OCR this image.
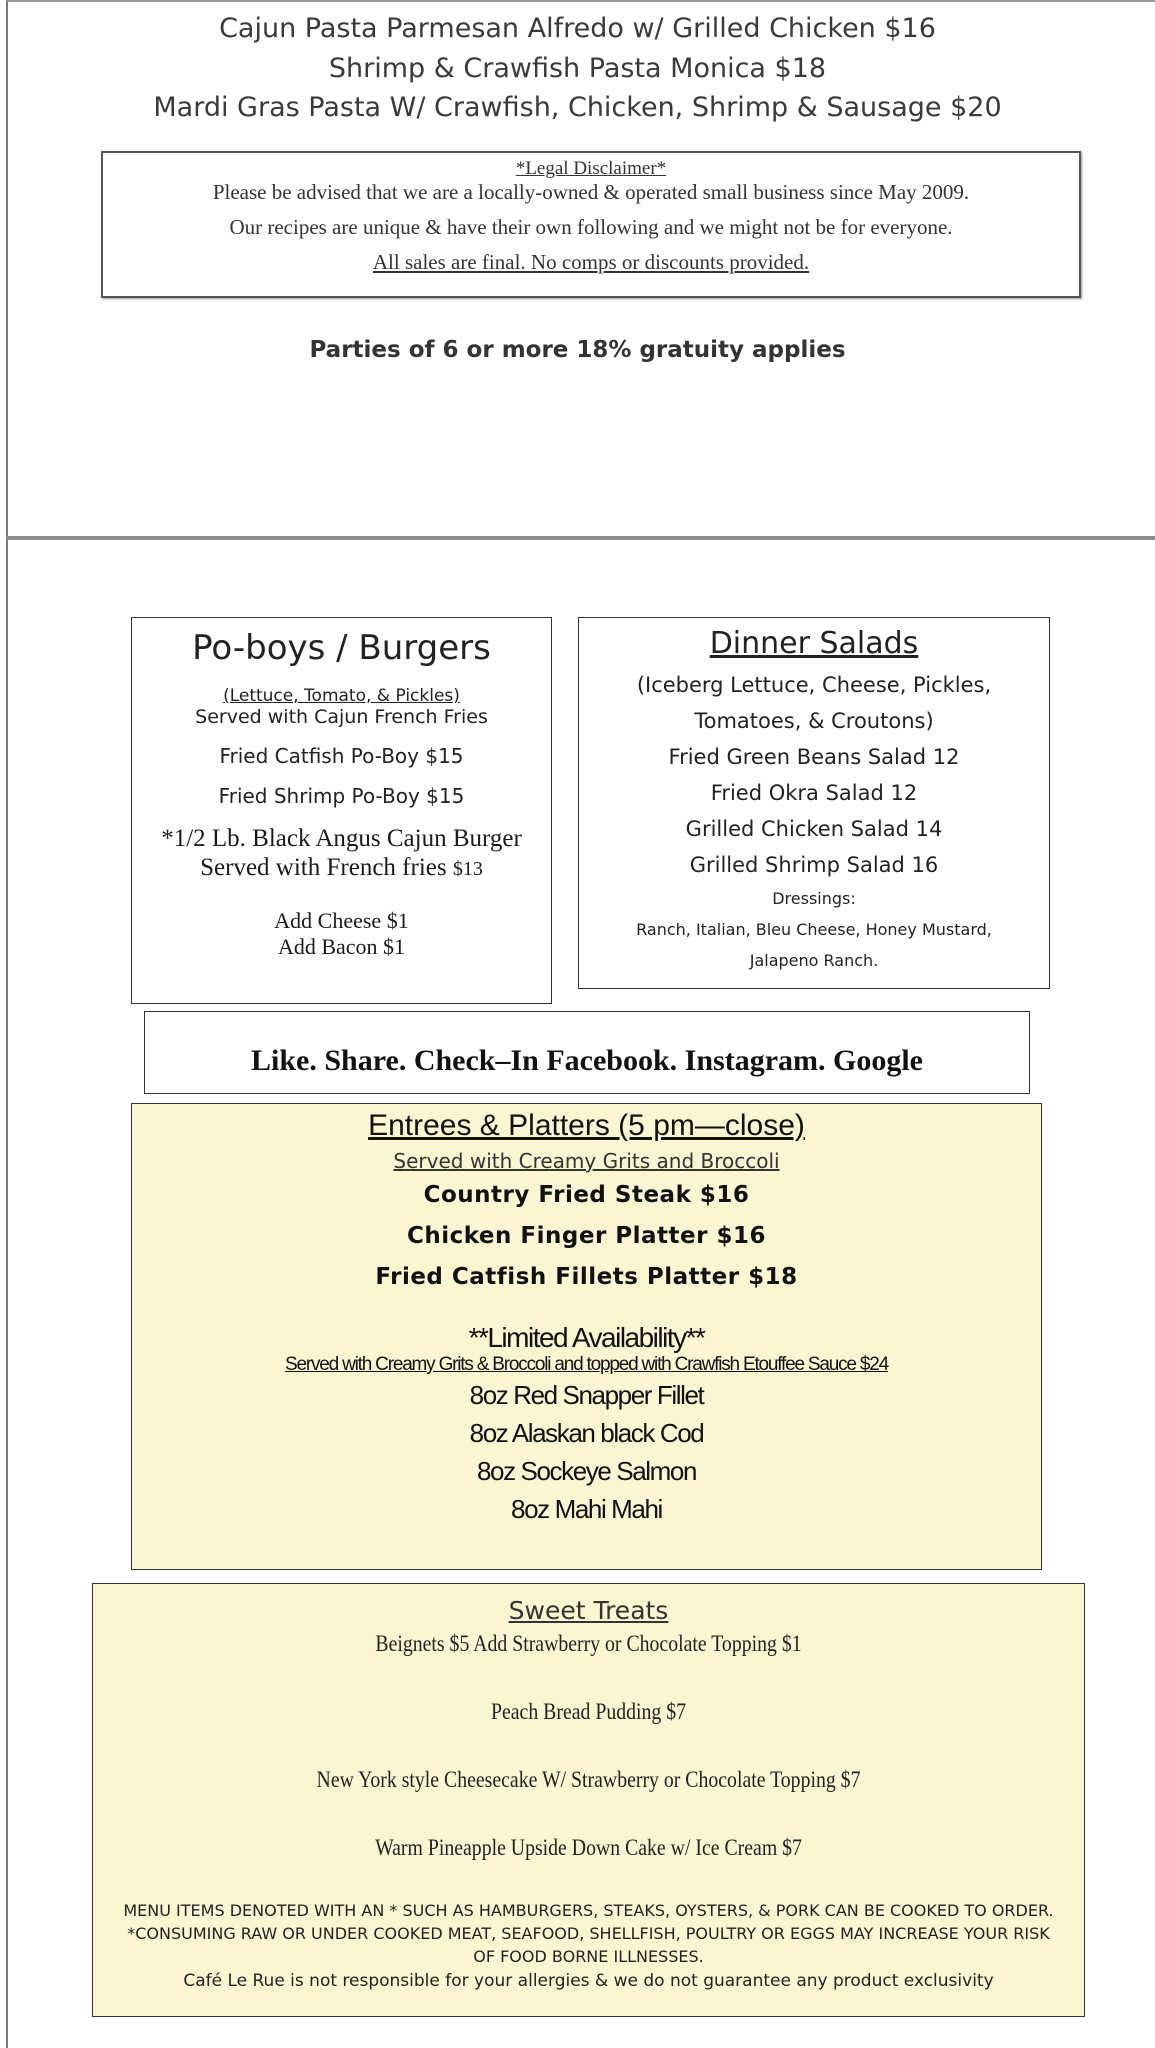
Cajun Pasta Parmesan Alfredo w/ Grilled Chicken $16
Shrimp & Crawfish Pasta Monica $18
Mardi Gras Pasta W/ Crawfish, Chicken, Shrimp & Sausage $20
*Legal Disclaimer*
Please be advised that we are a locally-owned & operated small business since May 2009.
Our recipes are unique & have their own following and we might not be for everyone.
All sales are final. No comps or discounts provided.
Parties of 6 or more 18% gratuity applies
Po-boys / Burgers
(Lettuce, Tomato, & Pickles)
Served with Cajun French Fries
Fried Catfish Po-Boy $15
Fried Shrimp Po-Boy $15
*1/2 Lb. Black Angus Cajun Burger
Served with French fries $13
Add Cheese $1
Add Bacon $1
Dinner Salads
(Iceberg Lettuce, Cheese, Pickles,
Tomatoes, & Croutons)
Fried Green Beans Salad 12
Fried Okra Salad 12
Grilled Chicken Salad 14
Grilled Shrimp Salad 16
Dressings:
Ranch, Italian, Bleu Cheese, Honey Mustard,
Jalapeno Ranch.
Like. Share. Check–In Facebook. Instagram. Google
Entrees & Platters (5 pm—close)
Served with Creamy Grits and Broccoli
Country Fried Steak $16
Chicken Finger Platter $16
Fried Catfish Fillets Platter $18
**Limited Availability**
Served with Creamy Grits & Broccoli and topped with Crawfish Etouffee Sauce $24
8oz Red Snapper Fillet
8oz Alaskan black Cod
8oz Sockeye Salmon
8oz Mahi Mahi
Sweet Treats
Beignets $5 Add Strawberry or Chocolate Topping $1
Peach Bread Pudding $7
New York style Cheesecake W/ Strawberry or Chocolate Topping $7
Warm Pineapple Upside Down Cake w/ Ice Cream $7
MENU ITEMS DENOTED WITH AN * SUCH AS HAMBURGERS, STEAKS, OYSTERS, & PORK CAN BE COOKED TO ORDER.
*CONSUMING RAW OR UNDER COOKED MEAT, SEAFOOD, SHELLFISH, POULTRY OR EGGS MAY INCREASE YOUR RISK
OF FOOD BORNE ILLNESSES.
Café Le Rue is not responsible for your allergies & we do not guarantee any product exclusivity
